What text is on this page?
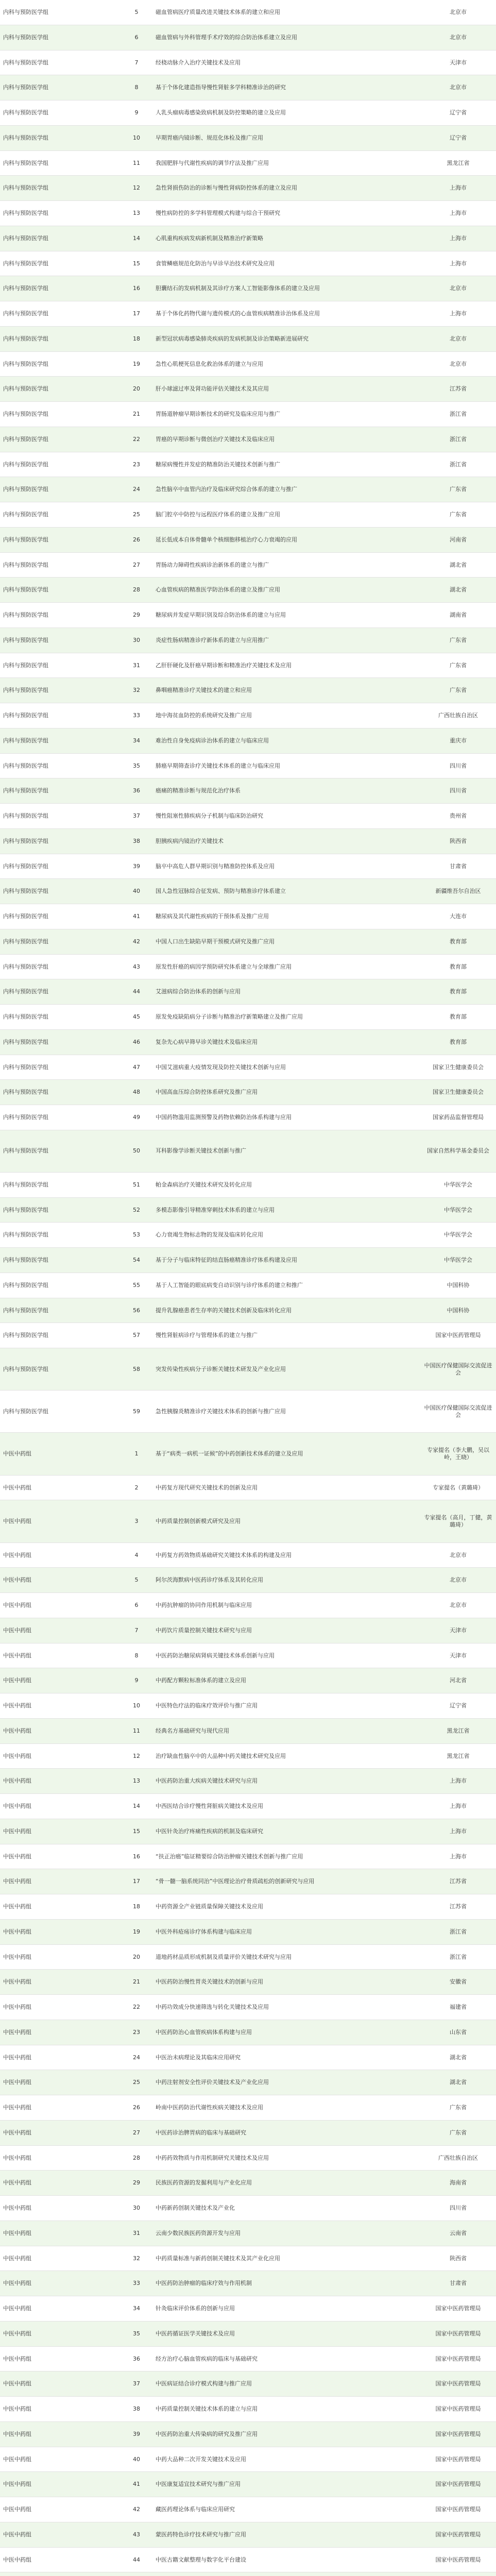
内科与预防医学组	5	磁血管病医疗质量改进关键技术体系的建立和应用	北京市
内科与预防医学组	6	磁血管病与外科管理手术疗效的综合防治体系建立及应用	北京市
内科与预防医学组	7	经桡动脉介入治疗关键技术及应用	天津市
内科与预防医学组	8	基于个体化建造指导慢性肾脏多学科精准诊治的研究	北京市
内科与预防医学组	9	人乳头瘤病毒感染致病机制及防控策略的建立及应用	辽宁省
内科与预防医学组	10	早期胃癌内镜诊断、规范化体检及推广应用	辽宁省
内科与预防医学组	11	我国肥胖与代谢性疾病的调节疗法及推广应用	黑龙江省
内科与预防医学组	12	急性肾损伤防治的诊断与慢性肾病防控体系的建立及应用	上海市
内科与预防医学组	13	慢性病防控的多学科管理模式构建与综合干预研究	上海市
内科与预防医学组	14	心肌重构疾病发病新机制及精准治疗新策略	上海市
内科与预防医学组	15	食管鳞癌规范化防治与早诊早治技术研究及应用	上海市
内科与预防医学组	16	胆囊结石的发病机制及其诊疗方案人工智能影像体系的建立及应用	北京市
内科与预防医学组	17	基于个体化药物代谢与遗传模式的心血管疾病精准诊治体系及应用	上海市
内科与预防医学组	18	新型冠状病毒感染肺炎疾病的发病机制及诊治策略新进展研究	北京市
内科与预防医学组	19	急性心肌梗死信息化救治体系的建立与应用	北京市
内科与预防医学组	20	肝小球滤过率及肾功能评估关键技术及其应用	江苏省
内科与预防医学组	21	胃肠道肿瘤早期诊断技术的研究及临床应用与推广	浙江省
内科与预防医学组	22	胃癌的早期诊断与微创治疗关键技术及临床应用	浙江省
内科与预防医学组	23	糖尿病慢性并发症的精准防治关键技术创新与推广	浙江省
内科与预防医学组	24	急性脑卒中血管内治疗及临床研究综合体系的建立与推广	广东省
内科与预防医学组	25	脑门腔卒中防控与远程医疗体系的建立及推广应用	广东省
内科与预防医学组	26	延长低成本自体骨髓单个核细胞移植治疗心力衰竭的应用	河南省
内科与预防医学组	27	胃肠动力障碍性疾病诊治新体系的建立与推广	湖北省
内科与预防医学组	28	心血管疾病的精准医学防治体系的建立及推广应用	湖北省
内科与预防医学组	29	糖尿病并发症早期识别及综合防治体系的建立与应用	湖南省
内科与预防医学组	30	炎症性肠病精准诊疗新体系的建立与应用推广	广东省
内科与预防医学组	31	乙肝肝硬化及肝癌早期诊断和精准治疗关键技术及应用	广东省
内科与预防医学组	32	鼻咽癌精准诊疗关键技术的建立和应用	广东省
内科与预防医学组	33	地中海贫血防控的系统研究及推广应用	广西壮族自治区
内科与预防医学组	34	难治性自身免疫病诊治体系的建立与临床应用	重庆市
内科与预防医学组	35	肺癌早期筛查诊疗关键技术体系的建立与临床应用	四川省
内科与预防医学组	36	癌痛的精准诊断与规范化治疗体系	四川省
内科与预防医学组	37	慢性阻塞性肺疾病分子机制与临床防治研究	贵州省
内科与预防医学组	38	胆胰疾病内镜治疗关键技术	陕西省
内科与预防医学组	39	脑卒中高危人群早期识别与精准防控体系及应用	甘肃省
内科与预防医学组	40	国人急性冠脉综合征发病、预防与精准诊疗体系建立	新疆维吾尔自治区
内科与预防医学组	41	糖尿病及其代谢性疾病的干预体系及推广应用	大连市
内科与预防医学组	42	中国人口出生缺陷早期干预模式研究及推广应用	教育部
内科与预防医学组	43	原发性肝癌的病因学预防研究体系建立与全球推广应用	教育部
内科与预防医学组	44	艾滋病综合防治体系的创新与应用	教育部
内科与预防医学组	45	原发免疫缺陷病分子诊断与精准治疗新策略建立及推广应用	教育部
内科与预防医学组	46	复杂先心病早筛早诊关键技术及临床应用	教育部
内科与预防医学组	47	中国艾滋病重大疫情发现及防控关键技术创新与应用	国家卫生健康委员会
内科与预防医学组	48	中国高血压综合防控体系研究及推广应用	国家卫生健康委员会
内科与预防医学组	49	中国药物滥用监测预警及药物依赖防治体系构建与应用	国家药品监督管理局
内科与预防医学组	50	耳科影像学诊断关键技术创新与推广	国家自然科学基金委员会
内科与预防医学组	51	帕金森病治疗关键技术研究及转化应用	中华医学会
内科与预防医学组	52	多模态影像引导精准穿刺技术体系的建立与应用	中华医学会
内科与预防医学组	53	心力衰竭生物标志物的发现及临床转化应用	中华医学会
内科与预防医学组	54	基于分子与临床特征的结直肠癌精准诊疗体系构建及应用	中华医学会
内科与预防医学组	55	基于人工智能的眼底病变自动识别与诊疗体系的建立和推广	中国科协
内科与预防医学组	56	提升乳腺癌患者生存率的关键技术创新及临床转化应用	中国科协
内科与预防医学组	57	慢性肾脏病诊疗与管理体系的建立与推广	国家中医药管理局
内科与预防医学组	58	突发传染性疾病分子诊断关键技术研发及产业化应用
中国医疗保健国际交流促进会
内科与预防医学组	59	急性胰腺炎精准诊疗关键技术体系的创新与推广应用
中国医疗保健国际交流促进会
中医中药组	1	基于“病类一病机一证候”的中药创新技术体系的建立及应用
专家提名（李大鹏，吴以岭，王晓）
中医中药组	2	中药复方现代研究关键技术的创新及应用	专家提名（黄璐琦）
中医中药组	3	中药质量控制创新模式研究及应用
专家提名（高月，丁健，黄璐琦）
中医中药组	4	中药复方药效物质基础研究关键技术体系的构建及应用	北京市
中医中药组	5	阿尔茨海默病中医药诊疗体系及其转化应用	北京市
中医中药组	6	中药抗肿瘤的协同作用机制与临床应用	北京市
中医中药组	7	中药饮片质量控制关键技术研究与应用	天津市
中医中药组	8	中医药防治糖尿病肾病关键技术体系创新与应用	天津市
中医中药组	9	中药配方颗粒标准体系的建立及应用	河北省
中医中药组	10	中医特色疗法的临床疗效评价与推广应用	辽宁省
中医中药组	11	经典名方基础研究与现代应用	黑龙江省
中医中药组	12	治疗缺血性脑卒中的大品种中药关键技术研究及应用	黑龙江省
中医中药组	13	中医药防治重大疾病关键技术研究与应用	上海市
中医中药组	14	中西医结合诊疗慢性肾脏病关键技术及应用	上海市
中医中药组	15	中医针灸治疗疼痛性疾病的机制及临床研究	上海市
中医中药组	16	“扶正治癌”临证精要综合防治肿瘤关键技术创新与推广应用	上海市
中医中药组	17	“骨一髓一脑系统同治”中医理论治疗骨质疏松的创新研究与应用	江苏省
中医中药组	18	中药资源全产业链质量保障关键技术及应用	江苏省
中医中药组	19	中医外科疮疡诊疗体系构建与临床应用	浙江省
中医中药组	20	道地药材品质形成机制及质量评价关键技术研究与应用	浙江省
中医中药组	21	中医药防治慢性胃炎关键技术的创新与应用	安徽省
中医中药组	22	中药功效成分快速筛选与转化关键技术及应用	福建省
中医中药组	23	中医药防治心血管疾病体系构建与应用	山东省
中医中药组	24	中医治未病理论及其临床应用研究	湖北省
中医中药组	25	中药注射剂安全性评价关键技术及产业化应用	湖北省
中医中药组	26	岭南中医药防治代谢性疾病关键技术及应用	广东省
中医中药组	27	中医药诊治脾胃病的临床与基础研究	广东省
中医中药组	28	中药药效物质与作用机制研究关键技术及应用	广西壮族自治区
中医中药组	29	民族医药资源的发掘利用与产业化应用	海南省
中医中药组	30	中药新药创制关键技术及产业化	四川省
中医中药组	31	云南少数民族医药资源开发与应用	云南省
中医中药组	32	中药质量标准与新药创制关键技术及其产业化应用	陕西省
中医中药组	33	中医药防治肿瘤的临床疗效与作用机制	甘肃省
中医中药组	34	针灸临床评价体系的创新与应用	国家中医药管理局
中医中药组	35	中医药循证医学关键技术及应用	国家中医药管理局
中医中药组	36	经方治疗心脑血管疾病的临床与基础研究	国家中医药管理局
中医中药组	37	中医病证结合诊疗模式构建与推广应用	国家中医药管理局
中医中药组	38	中药质量控制关键技术体系的建立与应用	国家中医药管理局
中医中药组	39	中医药防治重大传染病的研究及推广应用	国家中医药管理局
中医中药组	40	中药大品种二次开发关键技术及应用	国家中医药管理局
中医中药组	41	中医康复适宜技术研究与推广应用	国家中医药管理局
中医中药组	42	藏医药理论体系与临床应用研究	国家中医药管理局
中医中药组	43	蒙医药特色诊疗技术研究与推广应用	国家中医药管理局
中医中药组	44	中医古籍文献整理与数字化平台建设	国家中医药管理局
